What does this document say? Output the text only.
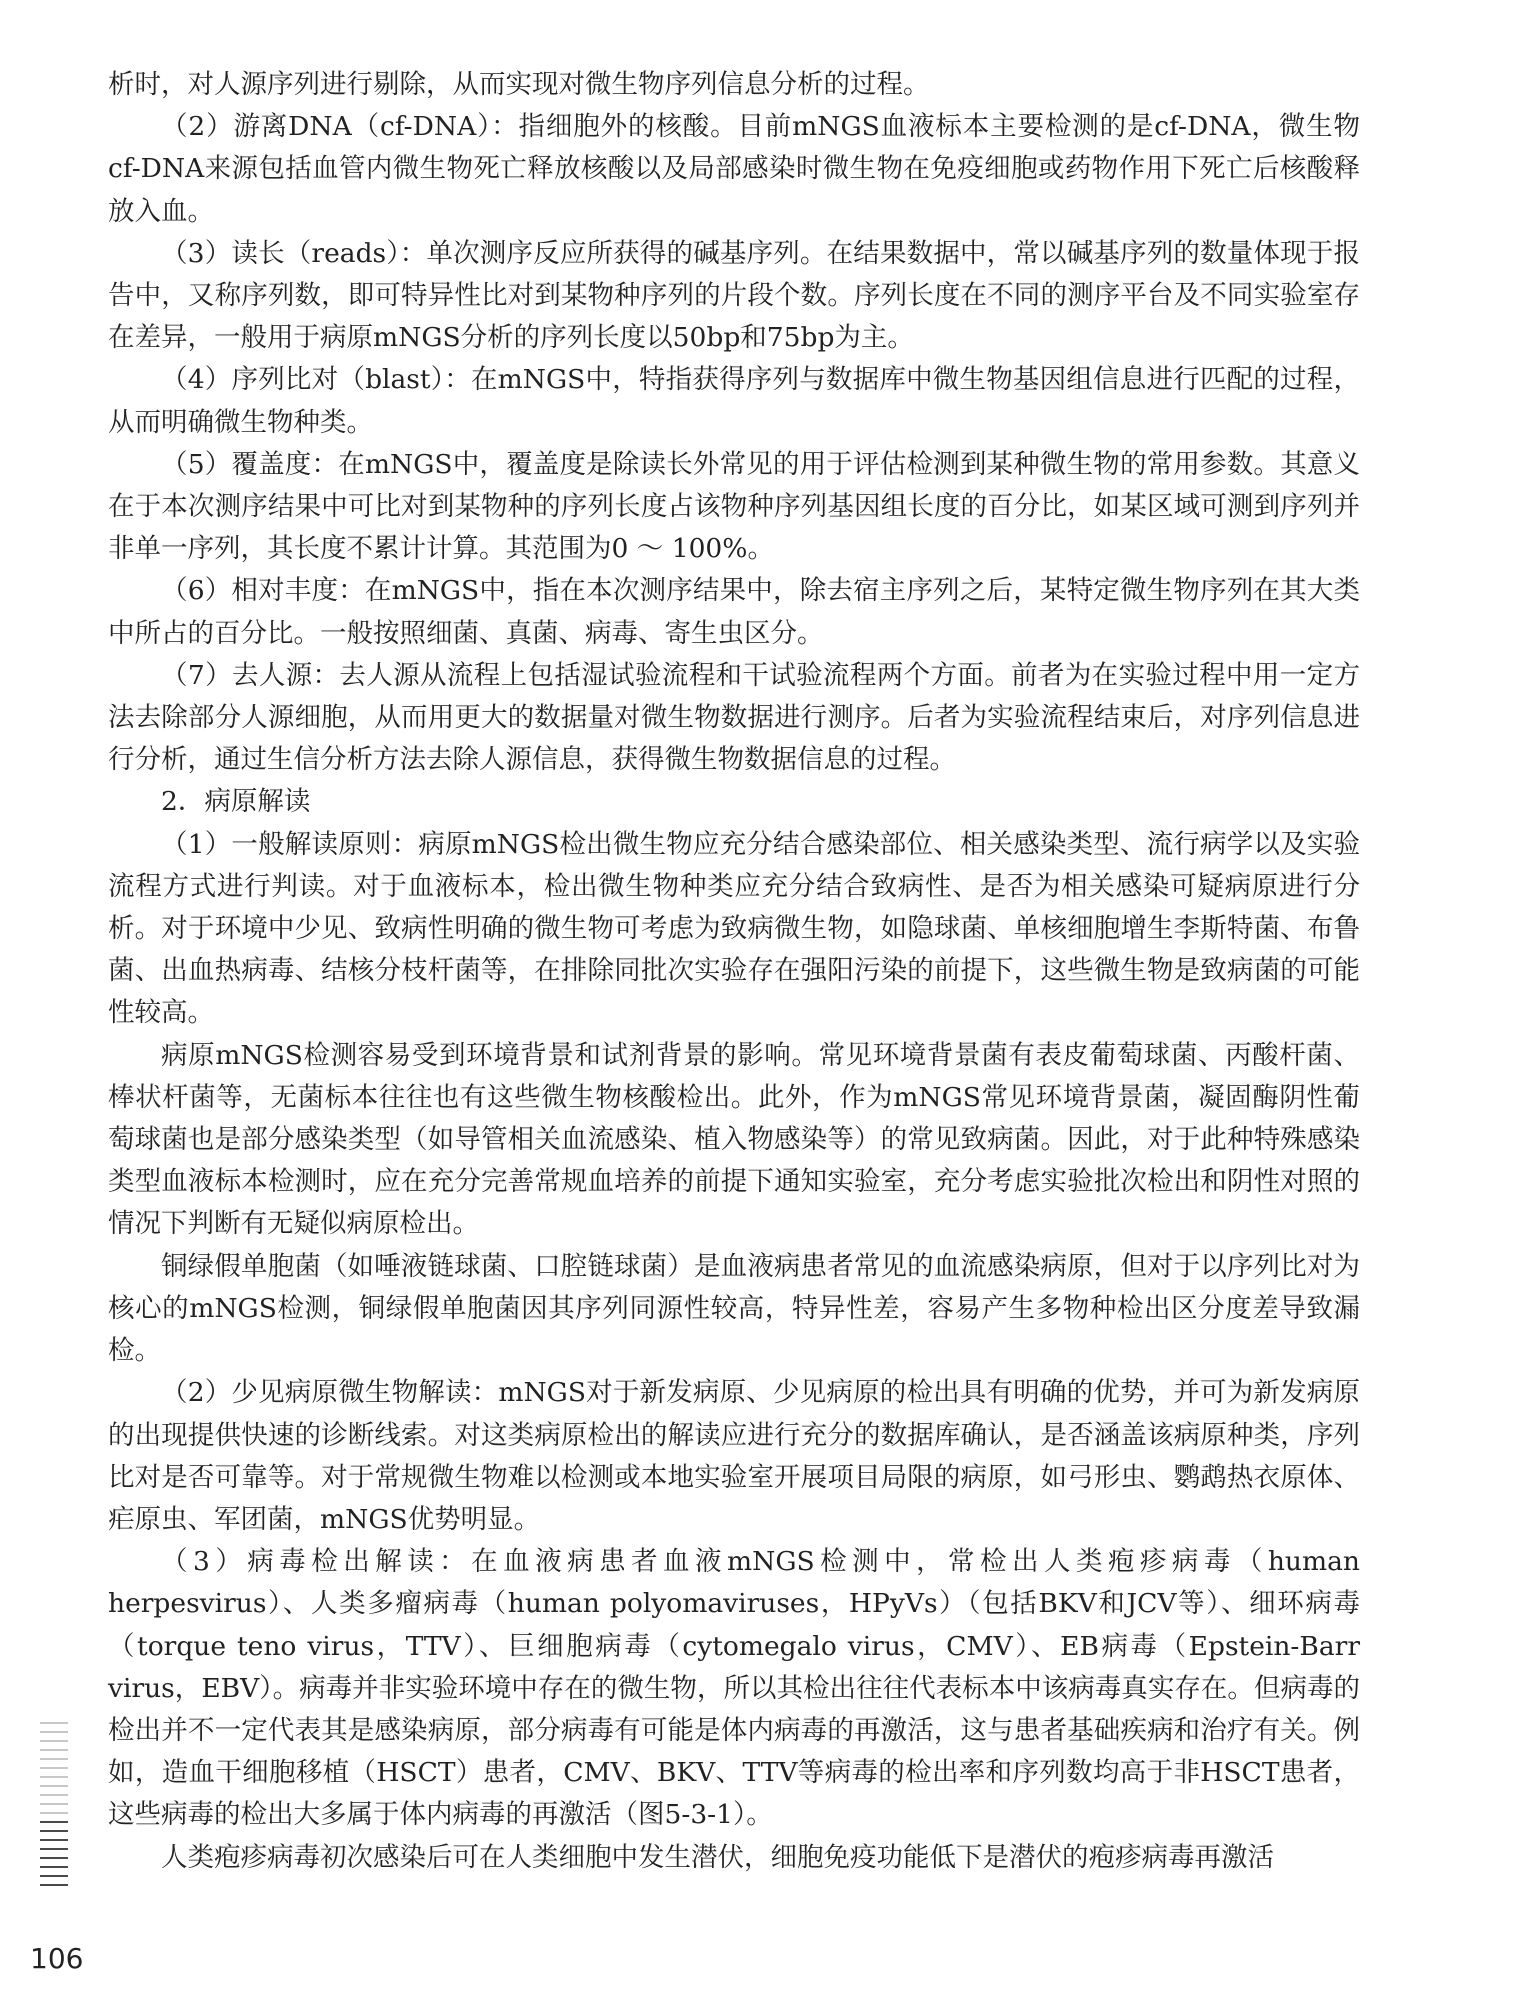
析时，对人源序列进行剔除，从而实现对微生物序列信息分析的过程。

（2）游离DNA（cf-DNA）：指细胞外的核酸。目前mNGS血液标本主要检测的是cf-DNA，微生物cf-DNA来源包括血管内微生物死亡释放核酸以及局部感染时微生物在免疫细胞或药物作用下死亡后核酸释放入血。

（3）读长（reads）：单次测序反应所获得的碱基序列。在结果数据中，常以碱基序列的数量体现于报告中，又称序列数，即可特异性比对到某物种序列的片段个数。序列长度在不同的测序平台及不同实验室存在差异，一般用于病原mNGS分析的序列长度以50bp和75bp为主。

（4）序列比对（blast）：在mNGS中，特指获得序列与数据库中微生物基因组信息进行匹配的过程，从而明确微生物种类。

（5）覆盖度：在mNGS中，覆盖度是除读长外常见的用于评估检测到某种微生物的常用参数。其意义在于本次测序结果中可比对到某物种的序列长度占该物种序列基因组长度的百分比，如某区域可测到序列并非单一序列，其长度不累计计算。其范围为0 ～ 100%。

（6）相对丰度：在mNGS中，指在本次测序结果中，除去宿主序列之后，某特定微生物序列在其大类中所占的百分比。一般按照细菌、真菌、病毒、寄生虫区分。

（7）去人源：去人源从流程上包括湿试验流程和干试验流程两个方面。前者为在实验过程中用一定方法去除部分人源细胞，从而用更大的数据量对微生物数据进行测序。后者为实验流程结束后，对序列信息进行分析，通过生信分析方法去除人源信息，获得微生物数据信息的过程。

2．病原解读

（1）一般解读原则：病原mNGS检出微生物应充分结合感染部位、相关感染类型、流行病学以及实验流程方式进行判读。对于血液标本，检出微生物种类应充分结合致病性、是否为相关感染可疑病原进行分析。对于环境中少见、致病性明确的微生物可考虑为致病微生物，如隐球菌、单核细胞增生李斯特菌、布鲁菌、出血热病毒、结核分枝杆菌等，在排除同批次实验存在强阳污染的前提下，这些微生物是致病菌的可能性较高。

病原mNGS检测容易受到环境背景和试剂背景的影响。常见环境背景菌有表皮葡萄球菌、丙酸杆菌、棒状杆菌等，无菌标本往往也有这些微生物核酸检出。此外，作为mNGS常见环境背景菌，凝固酶阴性葡萄球菌也是部分感染类型（如导管相关血流感染、植入物感染等）的常见致病菌。因此，对于此种特殊感染类型血液标本检测时，应在充分完善常规血培养的前提下通知实验室，充分考虑实验批次检出和阴性对照的情况下判断有无疑似病原检出。

铜绿假单胞菌（如唾液链球菌、口腔链球菌）是血液病患者常见的血流感染病原，但对于以序列比对为核心的mNGS检测，铜绿假单胞菌因其序列同源性较高，特异性差，容易产生多物种检出区分度差导致漏检。

（2）少见病原微生物解读：mNGS对于新发病原、少见病原的检出具有明确的优势，并可为新发病原的出现提供快速的诊断线索。对这类病原检出的解读应进行充分的数据库确认，是否涵盖该病原种类，序列比对是否可靠等。对于常规微生物难以检测或本地实验室开展项目局限的病原，如弓形虫、鹦鹉热衣原体、疟原虫、军团菌，mNGS优势明显。

（3）病毒检出解读：在血液病患者血液mNGS检测中，常检出人类疱疹病毒（human herpesvirus）、人类多瘤病毒（human polyomaviruses，HPyVs）（包括BKV和JCV等）、细环病毒（torque teno virus，TTV）、巨细胞病毒（cytomegalo virus，CMV）、EB病毒（Epstein-Barr virus，EBV）。病毒并非实验环境中存在的微生物，所以其检出往往代表标本中该病毒真实存在。但病毒的检出并不一定代表其是感染病原，部分病毒有可能是体内病毒的再激活，这与患者基础疾病和治疗有关。例如，造血干细胞移植（HSCT）患者，CMV、BKV、TTV等病毒的检出率和序列数均高于非HSCT患者，这些病毒的检出大多属于体内病毒的再激活（图5-3-1）。

人类疱疹病毒初次感染后可在人类细胞中发生潜伏，细胞免疫功能低下是潜伏的疱疹病毒再激活

106
